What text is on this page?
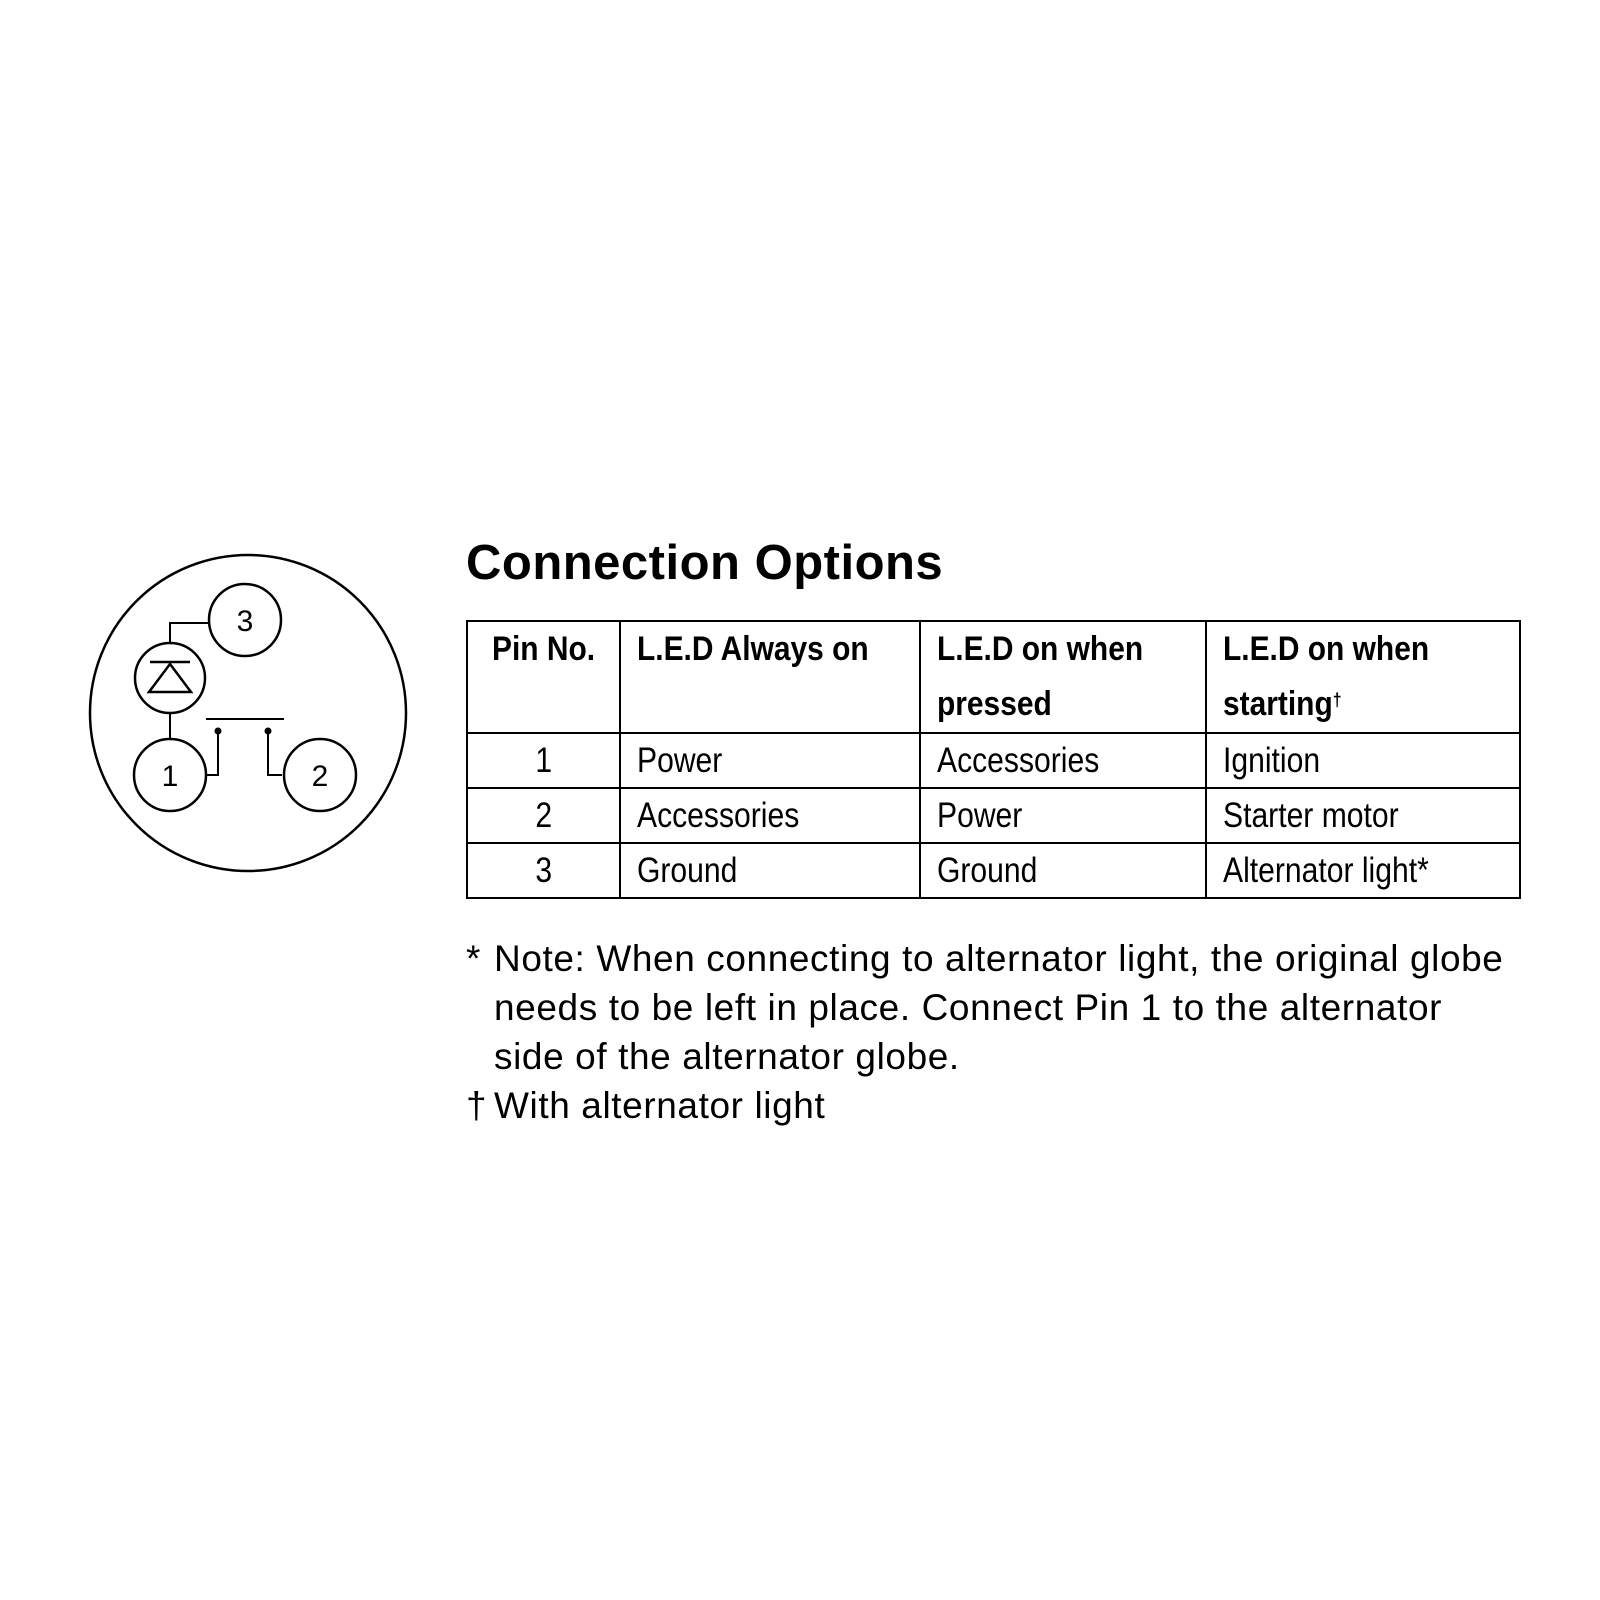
3
1	2
Connection Options
Pin No.	L.E.D Always on	L.E.D on when pressed	L.E.D on when starting†
1	Power	Accessories	Ignition
2	Accessories	Power	Starter motor
3	Ground	Ground	Alternator light*
* Note: When connecting to alternator light, the original globe needs to be left in place. Connect Pin 1 to the alternator side of the alternator globe.
† With alternator light
